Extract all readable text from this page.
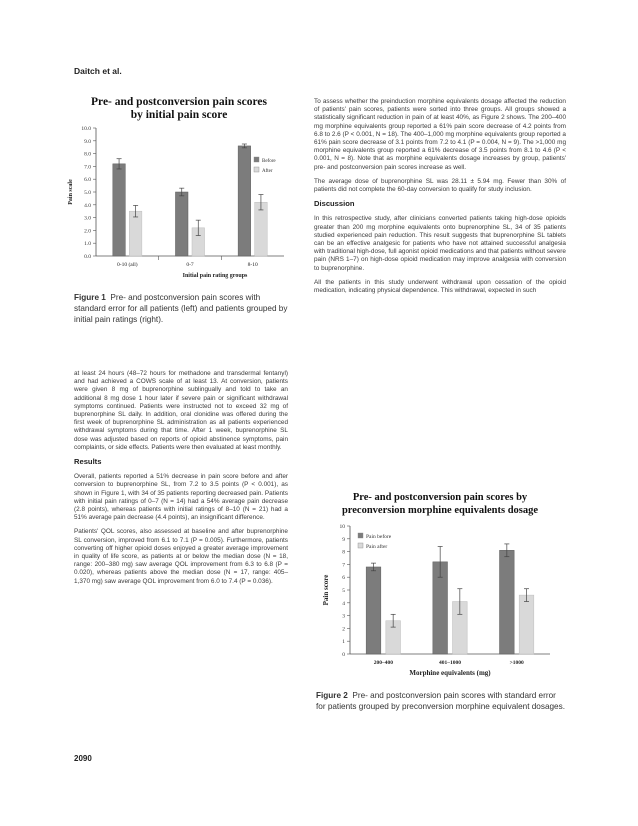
Daitch et al.
Pre- and postconversion pain scores
by initial pain score
0.0
1.0
2.0
3.0
4.0
5.0
6.0
7.0
8.0
9.0
10.0
Pain scale
0-10 (all)	0-7	8-10
Initial pain rating groups
Before
After
Figure 1 Pre- and postconversion pain scores with standard error for all patients (left) and patients grouped by initial pain ratings (right).

at least 24 hours (48–72 hours for methadone and transdermal fentanyl) and had achieved a COWS scale of at least 13. At conversion, patients were given 8 mg of buprenorphine sublingually and told to take an additional 8 mg dose 1 hour later if severe pain or significant withdrawal symptoms continued. Patients were instructed not to exceed 32 mg of buprenorphine SL daily. In addition, oral clonidine was offered during the first week of buprenorphine SL administration as all patients experienced withdrawal symptoms during that time. After 1 week, buprenorphine SL dose was adjusted based on reports of opioid abstinence symptoms, pain complaints, or side effects. Patients were then evaluated at least monthly.

Results

Overall, patients reported a 51% decrease in pain score before and after conversion to buprenorphine SL, from 7.2 to 3.5 points (P < 0.001), as shown in Figure 1, with 34 of 35 patients reporting decreased pain. Patients with initial pain ratings of 0–7 (N = 14) had a 54% average pain decrease (2.8 points), whereas patients with initial ratings of 8–10 (N = 21) had a 51% average pain decrease (4.4 points), an insignificant difference.

Patients' QOL scores, also assessed at baseline and after buprenorphine SL conversion, improved from 6.1 to 7.1 (P = 0.005). Furthermore, patients converting off higher opioid doses enjoyed a greater average improvement in quality of life score, as patients at or below the median dose (N = 18, range: 200–380 mg) saw average QOL improvement from 6.3 to 6.8 (P = 0.020), whereas patients above the median dose (N = 17, range: 405–1,370 mg) saw average QOL improvement from 6.0 to 7.4 (P = 0.036).

2090

To assess whether the preinduction morphine equivalents dosage affected the reduction of patients' pain scores, patients were sorted into three groups. All groups showed a statistically significant reduction in pain of at least 40%, as Figure 2 shows. The 200–400 mg morphine equivalents group reported a 61% pain score decrease of 4.2 points from 6.8 to 2.6 (P < 0.001, N = 18). The 400–1,000 mg morphine equivalents group reported a 61% pain score decrease of 3.1 points from 7.2 to 4.1 (P = 0.004, N = 9). The >1,000 mg morphine equivalents group reported a 61% decrease of 3.5 points from 8.1 to 4.6 (P < 0.001, N = 8). Note that as morphine equivalents dosage increases by group, patients' pre- and postconversion pain scores increase as well.

The average dose of buprenorphine SL was 28.11 ± 5.94 mg. Fewer than 30% of patients did not complete the 60-day conversion to qualify for study inclusion.

Discussion

In this retrospective study, after clinicians converted patients taking high-dose opioids greater than 200 mg morphine equivalents onto buprenorphine SL, 34 of 35 patients studied experienced pain reduction. This result suggests that buprenorphine SL tablets can be an effective analgesic for patients who have not attained successful analgesia with traditional high-dose, full agonist opioid medications and that patients without severe pain (NRS 1–7) on high-dose opioid medication may improve analgesia with conversion to buprenorphine.

All the patients in this study underwent withdrawal upon cessation of the opioid medication, indicating physical dependence. This withdrawal, expected in such

Pre- and postconversion pain scores by
preconversion morphine equivalents dosage
0
1
2
3
4
5
6
7
8
9
10
Pain score
200–400	401–1000	>1000
Morphine equivalents (mg)
Pain before
Pain after
Figure 2 Pre- and postconversion pain scores with standard error for patients grouped by preconversion morphine equivalent dosages.
